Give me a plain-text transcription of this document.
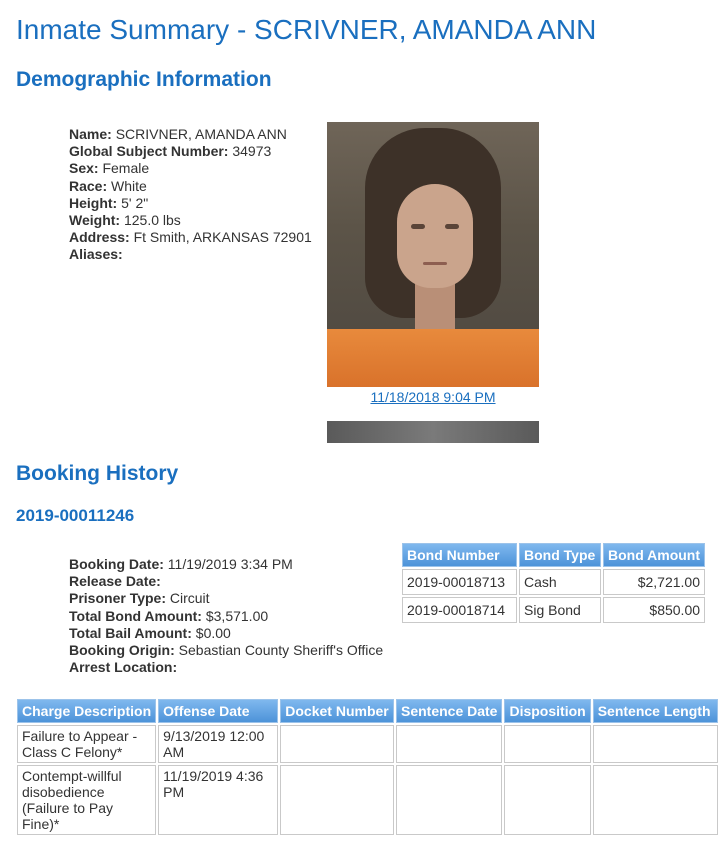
Inmate Summary - SCRIVNER, AMANDA ANN
Demographic Information
Name: SCRIVNER, AMANDA ANN
Global Subject Number: 34973
Sex: Female
Race: White
Height: 5' 2"
Weight: 125.0 lbs
Address: Ft Smith, ARKANSAS 72901
Aliases:
11/18/2018 9:04 PM
Booking History
2019-00011246
Booking Date: 11/19/2019 3:34 PM
Release Date:
Prisoner Type: Circuit
Total Bond Amount: $3,571.00
Total Bail Amount: $0.00
Booking Origin: Sebastian County Sheriff's Office
Arrest Location:
Bond Number	Bond Type	Bond Amount
2019-00018713	Cash	$2,721.00
2019-00018714	Sig Bond	$850.00
Charge Description	Offense Date	Docket Number	Sentence Date	Disposition	Sentence Length
Failure to Appear - Class C Felony*	9/13/2019 12:00 AM				
Contempt-willful disobedience (Failure to Pay Fine)*	11/19/2019 4:36 PM				
